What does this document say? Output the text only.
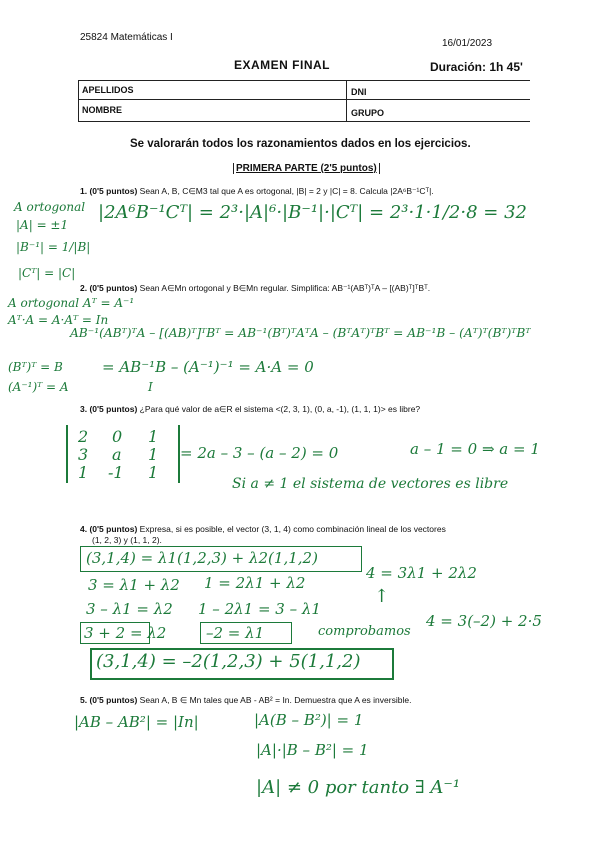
25824 Matemáticas I
16/01/2023
EXAMEN FINAL	Duración: 1h 45'
APELLIDOS	DNI
NOMBRE	GRUPO
Se valorarán todos los razonamientos dados en los ejercicios.
PRIMERA PARTE (2'5 puntos)
1. (0'5 puntos) Sean A, B, C∈M3 tal que A es ortogonal, |B| = 2 y |C| = 8. Calcula |2A⁶B⁻¹Cᵀ|.
A ortogonal
|A| = ±1
|B⁻¹| = 1/|B|
|Cᵀ| = |C|
|2A⁶B⁻¹Cᵀ| = 2³·|A|⁶·|B⁻¹|·|Cᵀ| = 2³·1·1/2·8 = 32
2. (0'5 puntos) Sean A∈Mn ortogonal y B∈Mn regular. Simplifica: AB⁻¹(ABᵀ)ᵀA – [(AB)ᵀ]ᵀBᵀ.
A ortogonal Aᵀ = A⁻¹
Aᵀ·A = A·Aᵀ = In
AB⁻¹(ABᵀ)ᵀA – [(AB)ᵀ]ᵀBᵀ = AB⁻¹(Bᵀ)ᵀAᵀA – (BᵀAᵀ)ᵀBᵀ = AB⁻¹B – (Aᵀ)ᵀ(Bᵀ)ᵀBᵀ
(Bᵀ)ᵀ = B
(A⁻¹)ᵀ = A
= AB⁻¹B – (A⁻¹)⁻¹ = A·A = 0
I
3. (0'5 puntos) ¿Para qué valor de a∈R el sistema <(2, 3, 1), (0, a, -1), (1, 1, 1)> es libre?
2 0 1
3 a 1
1 -1 1
= 2a – 3 – (a – 2) = 0	a – 1 = 0 ⇒ a = 1
Si a ≠ 1 el sistema de vectores es libre
4. (0'5 puntos) Expresa, si es posible, el vector (3, 1, 4) como combinación lineal de los vectores
(1, 2, 3) y (1, 1, 2).
(3,1,4) = λ1(1,2,3) + λ2(1,1,2)
3 = λ1 + λ2 1 = 2λ1 + λ2
4 = 3λ1 + 2λ2
↑
3 – λ1 = λ2 1 – 2λ1 = 3 – λ1
3 + 2 = λ2	–2 = λ1	comprobamos
4 = 3(–2) + 2·5
(3,1,4) = –2(1,2,3) + 5(1,1,2)
5. (0'5 puntos) Sean A, B ∈ Mn tales que AB - AB² = In. Demuestra que A es inversible.
|AB – AB²| = |In|	|A(B – B²)| = 1
|A|·|B – B²| = 1
|A| ≠ 0 por tanto ∃ A⁻¹
